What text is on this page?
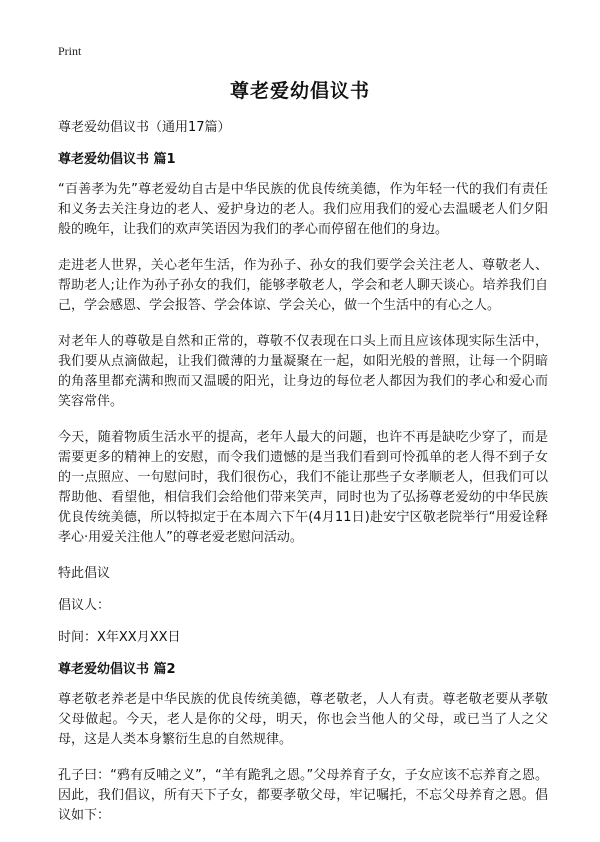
Print
尊老爱幼倡议书

尊老爱幼倡议书（通用17篇）

尊老爱幼倡议书 篇1

“百善孝为先”尊老爱幼自古是中华民族的优良传统美德，作为年轻一代的我们有责任和义务去关注身边的老人、爱护身边的老人。我们应用我们的爱心去温暖老人们夕阳般的晚年，让我们的欢声笑语因为我们的孝心而停留在他们的身边。

走进老人世界，关心老年生活，作为孙子、孙女的我们要学会关注老人、尊敬老人、帮助老人;让作为孙子孙女的我们，能够孝敬老人，学会和老人聊天谈心。培养我们自己，学会感恩、学会报答、学会体谅、学会关心，做一个生活中的有心之人。

对老年人的尊敬是自然和正常的，尊敬不仅表现在口头上而且应该体现实际生活中，我们要从点滴做起，让我们微薄的力量凝聚在一起，如阳光般的普照，让每一个阴暗的角落里都充满和煦而又温暖的阳光，让身边的每位老人都因为我们的孝心和爱心而笑容常伴。

今天，随着物质生活水平的提高，老年人最大的问题，也许不再是缺吃少穿了，而是需要更多的精神上的安慰，而令我们遗憾的是当我们看到可怜孤单的老人得不到子女的一点照应、一句慰问时，我们很伤心，我们不能让那些子女孝顺老人，但我们可以帮助他、看望他，相信我们会给他们带来笑声，同时也为了弘扬尊老爱幼的中华民族优良传统美德，所以特拟定于在本周六下午(4月11日)赴安宁区敬老院举行“用爱诠释孝心·用爱关注他人”的尊老爱老慰问活动。

特此倡议

倡议人：

时间：X年XX月XX日

尊老爱幼倡议书 篇2

尊老敬老养老是中华民族的优良传统美德，尊老敬老，人人有责。尊老敬老要从孝敬父母做起。今天，老人是你的父母，明天，你也会当他人的父母，或已当了人之父母，这是人类本身繁衍生息的自然规律。

孔子曰：“鸦有反哺之义”，“羊有跪乳之恩。”父母养育子女，子女应该不忘养育之恩。因此，我们倡议，所有天下子女，都要孝敬父母，牢记嘱托，不忘父母养育之恩。倡议如下：
